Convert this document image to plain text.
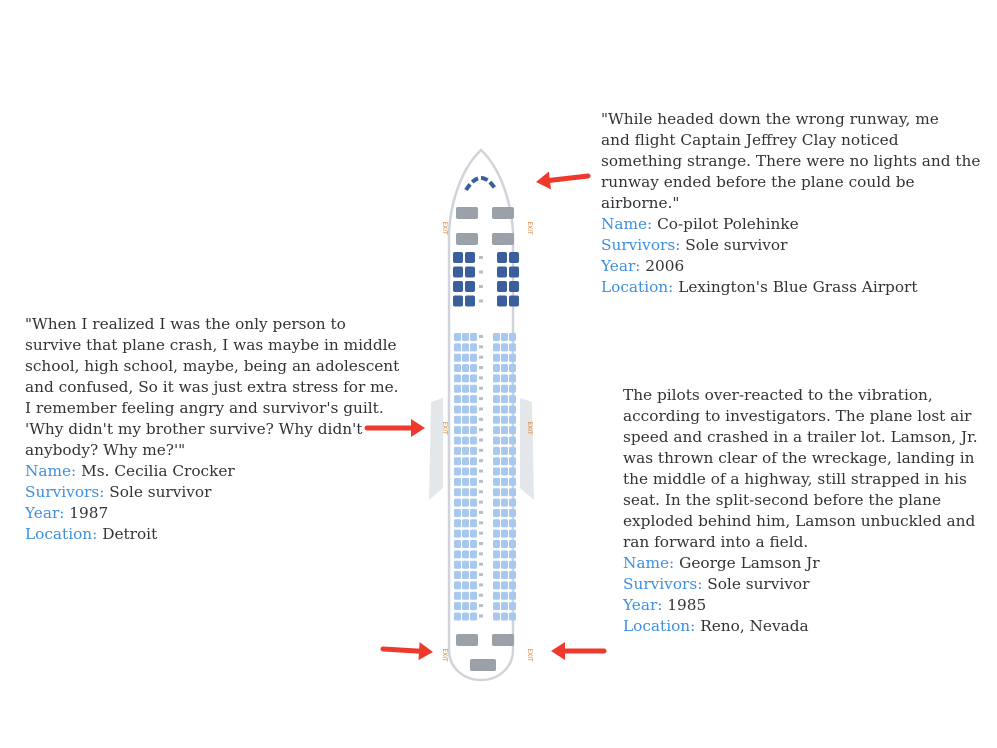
EXIT	EXIT
EXIT	EXIT
EXIT	EXIT
"While headed down the wrong runway, me
and flight Captain Jeffrey Clay noticed
something strange. There were no lights and the
runway ended before the plane could be
airborne."
Name: Co-pilot Polehinke
Survivors: Sole survivor
Year: 2006
Location: Lexington's Blue Grass Airport
"When I realized I was the only person to
survive that plane crash, I was maybe in middle
school, high school, maybe, being an adolescent
and confused, So it was just extra stress for me.
I remember feeling angry and survivor's guilt.
'Why didn't my brother survive? Why didn't
anybody? Why me?'"
Name: Ms. Cecilia Crocker
Survivors: Sole survivor
Year: 1987
Location: Detroit
The pilots over-reacted to the vibration,
according to investigators. The plane lost air
speed and crashed in a trailer lot. Lamson, Jr.
was thrown clear of the wreckage, landing in
the middle of a highway, still strapped in his
seat. In the split-second before the plane
exploded behind him, Lamson unbuckled and
ran forward into a field.
Name: George Lamson Jr
Survivors: Sole survivor
Year: 1985
Location: Reno, Nevada
